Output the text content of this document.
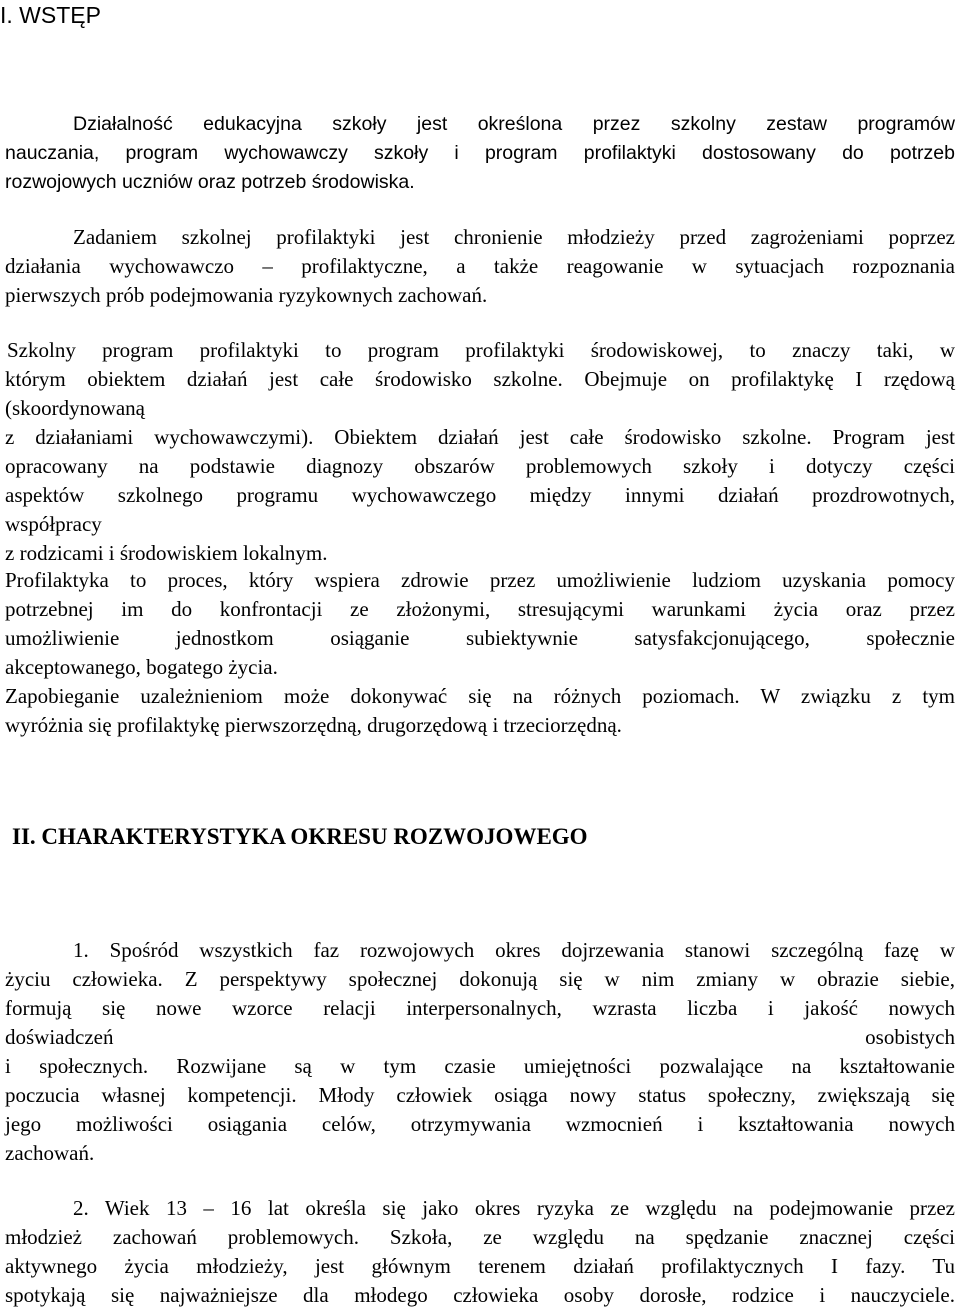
I. WSTĘP
Działalność edukacyjna szkoły jest określona przez szkolny zestaw programów
nauczania, program wychowawczy szkoły i program profilaktyki dostosowany do potrzeb
rozwojowych uczniów oraz potrzeb środowiska.
Zadaniem szkolnej profilaktyki jest chronienie młodzieży przed zagrożeniami poprzez
działania wychowawczo – profilaktyczne, a także reagowanie w sytuacjach rozpoznania
pierwszych prób podejmowania ryzykownych zachowań.
Szkolny program profilaktyki to program profilaktyki środowiskowej, to znaczy taki, w
którym obiektem działań jest całe środowisko szkolne. Obejmuje on profilaktykę I rzędową
(skoordynowaną
z działaniami wychowawczymi). Obiektem działań jest całe środowisko szkolne. Program jest
opracowany na podstawie diagnozy obszarów problemowych szkoły i dotyczy części
aspektów szkolnego programu wychowawczego między innymi działań prozdrowotnych,
współpracy
z rodzicami i środowiskiem lokalnym.
Profilaktyka to proces, który wspiera zdrowie przez umożliwienie ludziom uzyskania pomocy
potrzebnej im do konfrontacji ze złożonymi, stresującymi warunkami życia oraz przez
umożliwienie jednostkom osiąganie subiektywnie satysfakcjonującego, społecznie
akceptowanego, bogatego życia.
Zapobieganie uzależnieniom może dokonywać się na różnych poziomach. W związku z tym
wyróżnia się profilaktykę pierwszorzędną, drugorzędową i trzeciorzędną.
II. CHARAKTERYSTYKA OKRESU ROZWOJOWEGO
1. Spośród wszystkich faz rozwojowych okres dojrzewania stanowi szczególną fazę w
życiu człowieka. Z perspektywy społecznej dokonują się w nim zmiany w obrazie siebie,
formują się nowe wzorce relacji interpersonalnych, wzrasta liczba i jakość nowych
doświadczeń osobistych
i społecznych. Rozwijane są w tym czasie umiejętności pozwalające na kształtowanie
poczucia własnej kompetencji. Młody człowiek osiąga nowy status społeczny, zwiększają się
jego możliwości osiągania celów, otrzymywania wzmocnień i kształtowania nowych
zachowań.
2. Wiek 13 – 16 lat określa się jako okres ryzyka ze względu na podejmowanie przez
młodzież zachowań problemowych. Szkoła, ze względu na spędzanie znacznej części
aktywnego życia młodzieży, jest głównym terenem działań profilaktycznych I fazy. Tu
spotykają się najważniejsze dla młodego człowieka osoby dorosłe, rodzice i nauczyciele.
